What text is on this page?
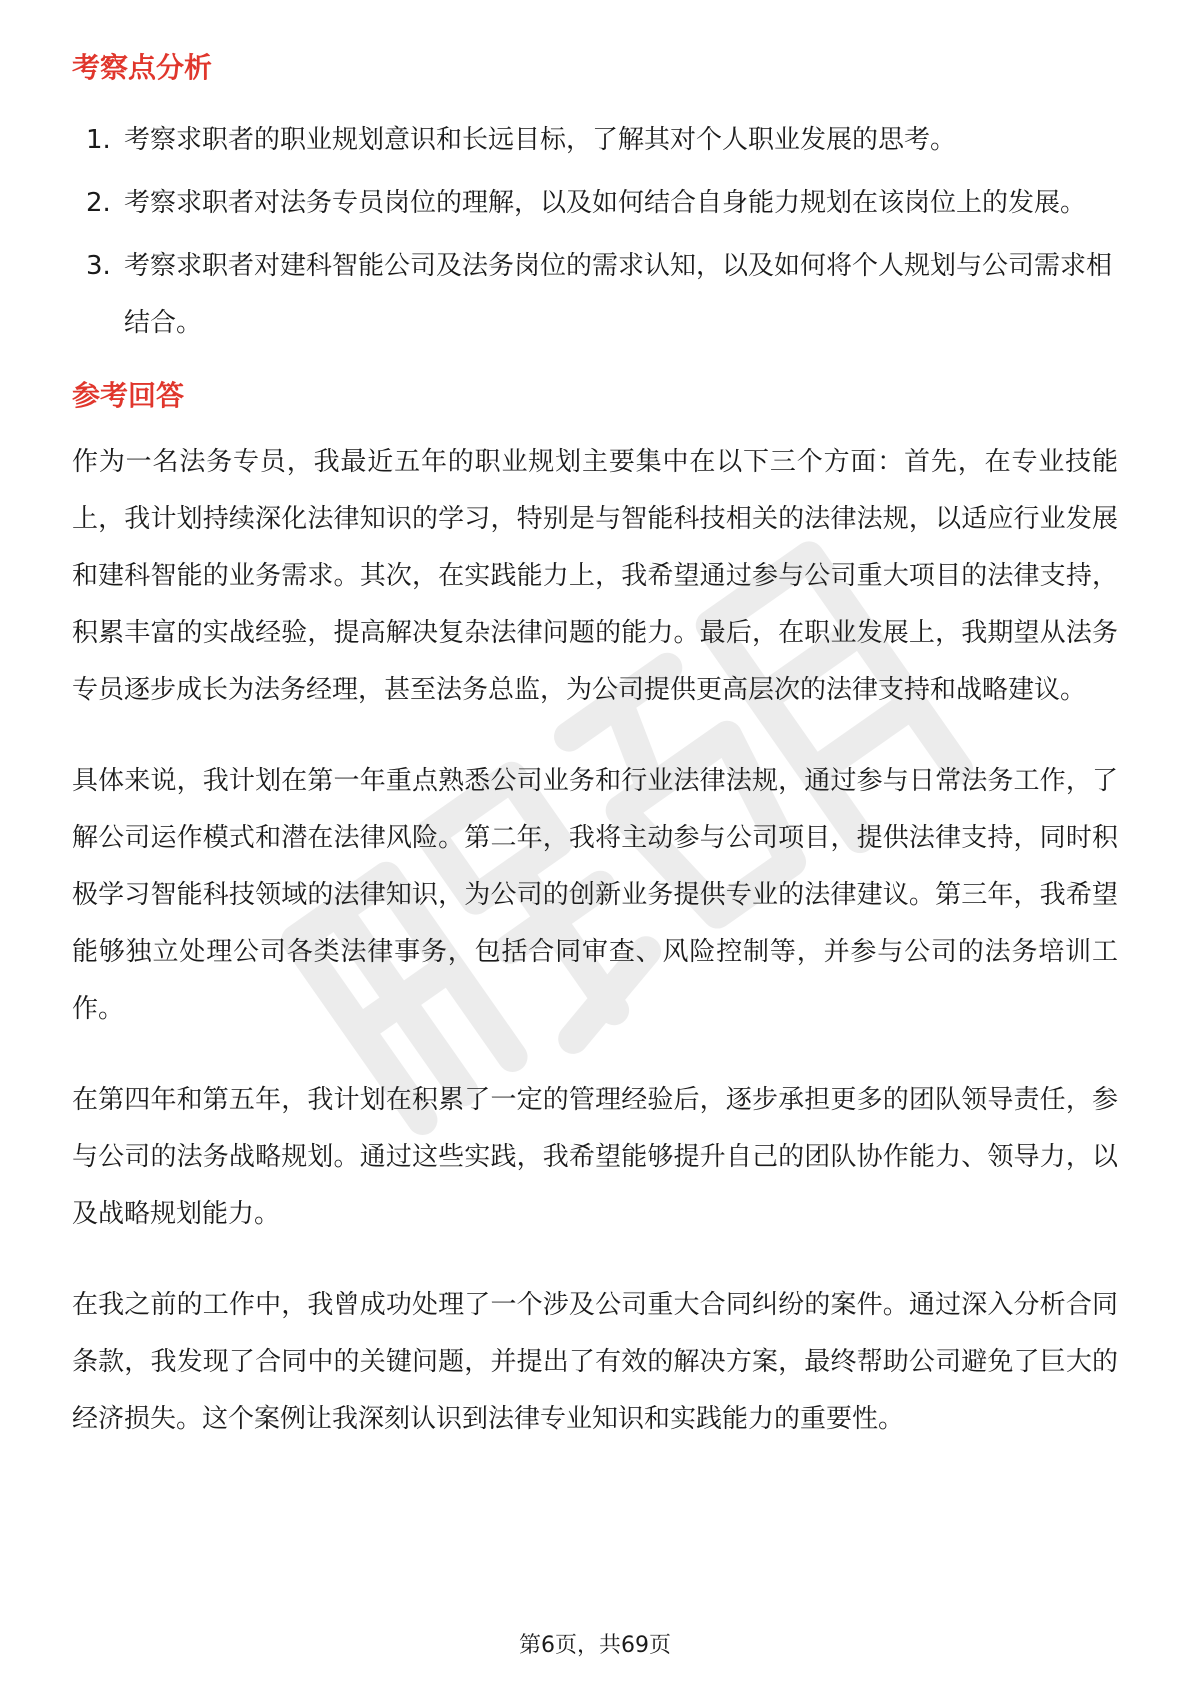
考察点分析
1. 考察求职者的职业规划意识和长远目标，了解其对个人职业发展的思考。
2. 考察求职者对法务专员岗位的理解，以及如何结合自身能力规划在该岗位上的发展。
3. 考察求职者对建科智能公司及法务岗位的需求认知，以及如何将个人规划与公司需求相结合。
参考回答

作为一名法务专员，我最近五年的职业规划主要集中在以下三个方面：首先，在专业技能上，我计划持续深化法律知识的学习，特别是与智能科技相关的法律法规，以适应行业发展和建科智能的业务需求。其次，在实践能力上，我希望通过参与公司重大项目的法律支持，积累丰富的实战经验，提高解决复杂法律问题的能力。最后，在职业发展上，我期望从法务专员逐步成长为法务经理，甚至法务总监，为公司提供更高层次的法律支持和战略建议。

具体来说，我计划在第一年重点熟悉公司业务和行业法律法规，通过参与日常法务工作，了解公司运作模式和潜在法律风险。第二年，我将主动参与公司项目，提供法律支持，同时积极学习智能科技领域的法律知识，为公司的创新业务提供专业的法律建议。第三年，我希望能够独立处理公司各类法律事务，包括合同审查、风险控制等，并参与公司的法务培训工作。

在第四年和第五年，我计划在积累了一定的管理经验后，逐步承担更多的团队领导责任，参与公司的法务战略规划。通过这些实践，我希望能够提升自己的团队协作能力、领导力，以及战略规划能力。

在我之前的工作中，我曾成功处理了一个涉及公司重大合同纠纷的案件。通过深入分析合同条款，我发现了合同中的关键问题，并提出了有效的解决方案，最终帮助公司避免了巨大的经济损失。这个案例让我深刻认识到法律专业知识和实践能力的重要性。

第6页，共69页
